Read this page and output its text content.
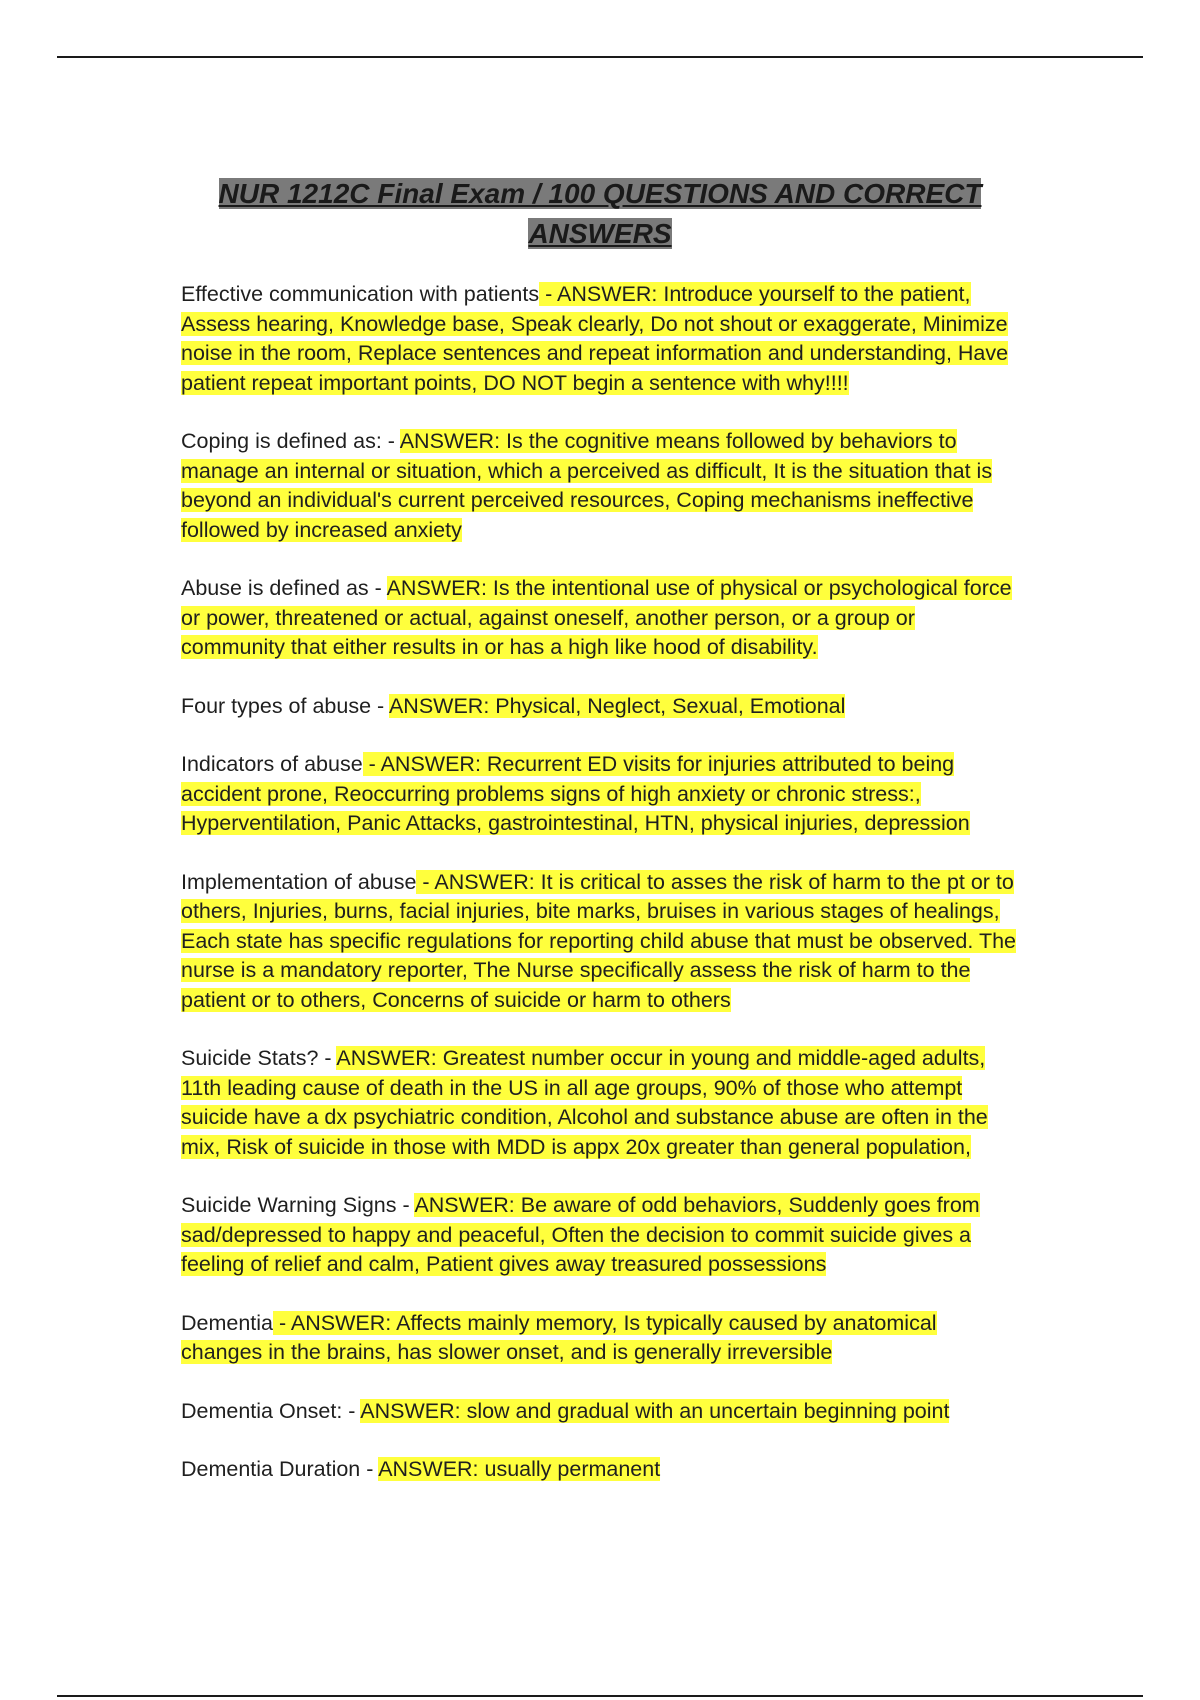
NUR 1212C Final Exam / 100 QUESTIONS AND CORRECT ANSWERS

Effective communication with patients - ANSWER: Introduce yourself to the patient, Assess hearing, Knowledge base, Speak clearly, Do not shout or exaggerate, Minimize noise in the room, Replace sentences and repeat information and understanding, Have patient repeat important points, DO NOT begin a sentence with why!!!!

Coping is defined as: - ANSWER: Is the cognitive means followed by behaviors to manage an internal or situation, which a perceived as difficult, It is the situation that is beyond an individual's current perceived resources, Coping mechanisms ineffective followed by increased anxiety

Abuse is defined as - ANSWER: Is the intentional use of physical or psychological force or power, threatened or actual, against oneself, another person, or a group or community that either results in or has a high like hood of disability.

Four types of abuse - ANSWER: Physical, Neglect, Sexual, Emotional

Indicators of abuse - ANSWER: Recurrent ED visits for injuries attributed to being accident prone, Reoccurring problems signs of high anxiety or chronic stress:, Hyperventilation, Panic Attacks, gastrointestinal, HTN, physical injuries, depression

Implementation of abuse - ANSWER: It is critical to asses the risk of harm to the pt or to others, Injuries, burns, facial injuries, bite marks, bruises in various stages of healings, Each state has specific regulations for reporting child abuse that must be observed. The nurse is a mandatory reporter, The Nurse specifically assess the risk of harm to the patient or to others, Concerns of suicide or harm to others

Suicide Stats? - ANSWER: Greatest number occur in young and middle-aged adults, 11th leading cause of death in the US in all age groups, 90% of those who attempt suicide have a dx psychiatric condition, Alcohol and substance abuse are often in the mix, Risk of suicide in those with MDD is appx 20x greater than general population,

Suicide Warning Signs - ANSWER: Be aware of odd behaviors, Suddenly goes from sad/depressed to happy and peaceful, Often the decision to commit suicide gives a feeling of relief and calm, Patient gives away treasured possessions

Dementia - ANSWER: Affects mainly memory, Is typically caused by anatomical changes in the brains, has slower onset, and is generally irreversible

Dementia Onset: - ANSWER: slow and gradual with an uncertain beginning point

Dementia Duration - ANSWER: usually permanent
